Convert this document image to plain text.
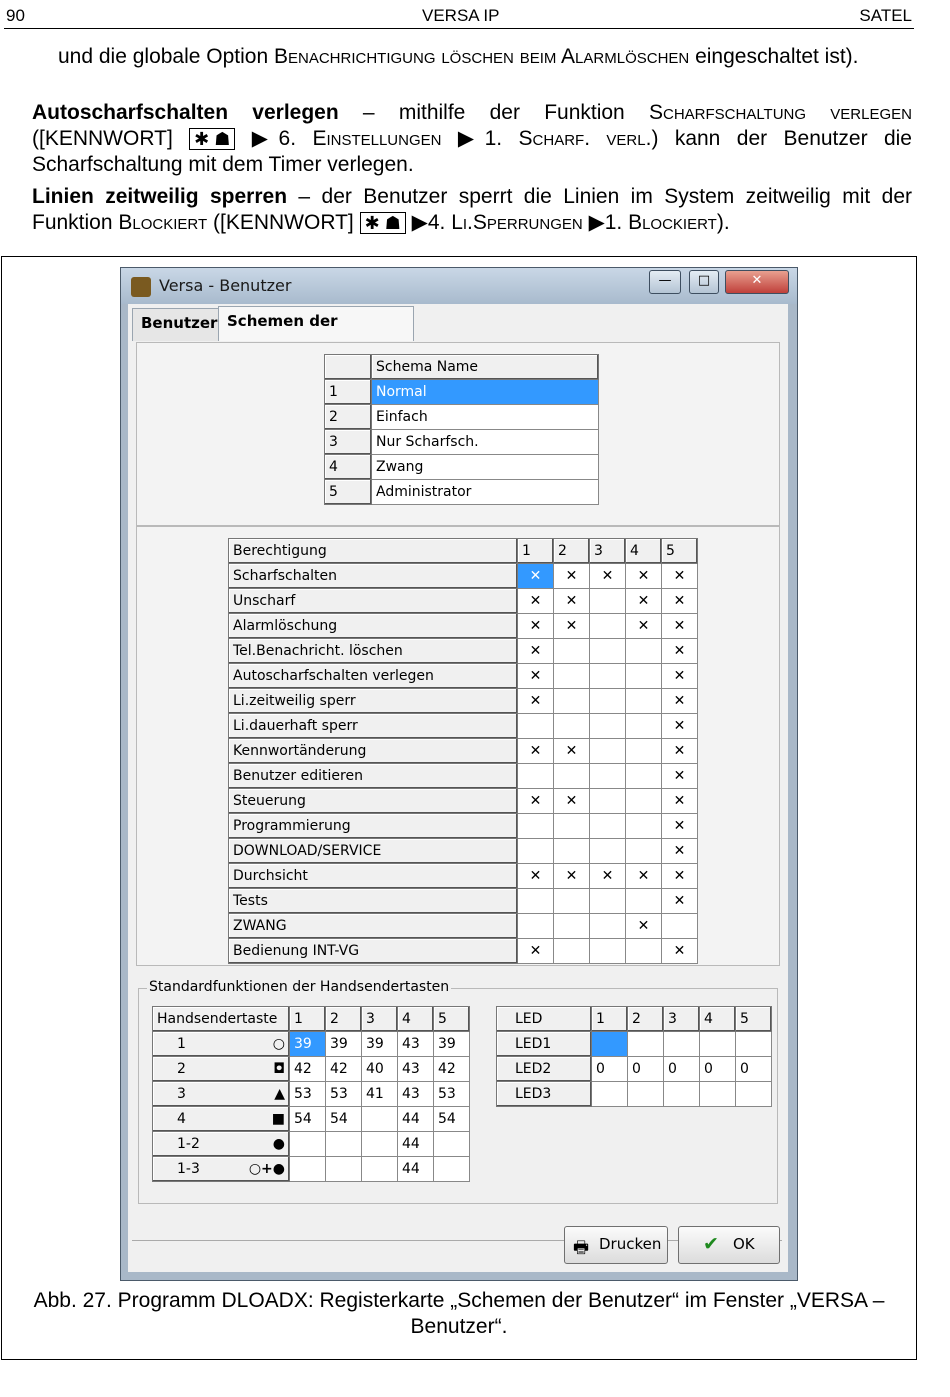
90	VERSA IP	SATEL
und die globale Option Benachrichtigung löschen beim Alarmlöschen eingeschaltet ist).
Autoscharfschalten verlegen – mithilfe der Funktion Scharfschaltung verlegen ([KENNWORT] ✱ ☗ ▶6. Einstellungen ▶1. Scharf. verl.) kann der Benutzer die Scharfschaltung mit dem Timer verlegen.
Linien zeitweilig sperren – der Benutzer sperrt die Linien im System zeitweilig mit der Funktion Blockiert ([KENNWORT] ✱ ☗ ▶4. Li.Sperrungen ▶1. Blockiert).
Versa - Benutzer	—	□	✕
Benutzer Schemen der
	Schema Name
1	Normal
2	Einfach
3	Nur Scharfsch.
4	Zwang
5	Administrator
Berechtigung	1	2	3	4	5
Scharfschalten	✕	✕	✕	✕	✕
Unscharf	✕	✕		✕	✕
Alarmlöschung	✕	✕		✕	✕
Tel.Benachricht. löschen	✕				✕
Autoscharfschalten verlegen	✕				✕
Li.zeitweilig sperr	✕				✕
Li.dauerhaft sperr					✕
Kennwortänderung	✕	✕			✕
Benutzer editieren					✕
Steuerung	✕	✕			✕
Programmierung					✕
DOWNLOAD/SERVICE					✕
Durchsicht	✕	✕	✕	✕	✕
Tests					✕
ZWANG				✕	
Bedienung INT-VG	✕				✕
Standardfunktionen der Handsendertasten
Handsendertaste	1	2	3	4	5
1 ○	39	39	39	43	39
2 ◘	42	42	40	43	42
3 ▲	53	53	41	43	53
4 ■	54	54		44	54
1-2 ●				44	
1-3 ○+●				44	
LED	1	2	3	4	5
LED1					
LED2	0	0	0	0	0
LED3					
🖶 Drucken ✔ OK
Abb. 27. Programm DLOADX: Registerkarte „Schemen der Benutzer“ im Fenster „VERSA – Benutzer“.
